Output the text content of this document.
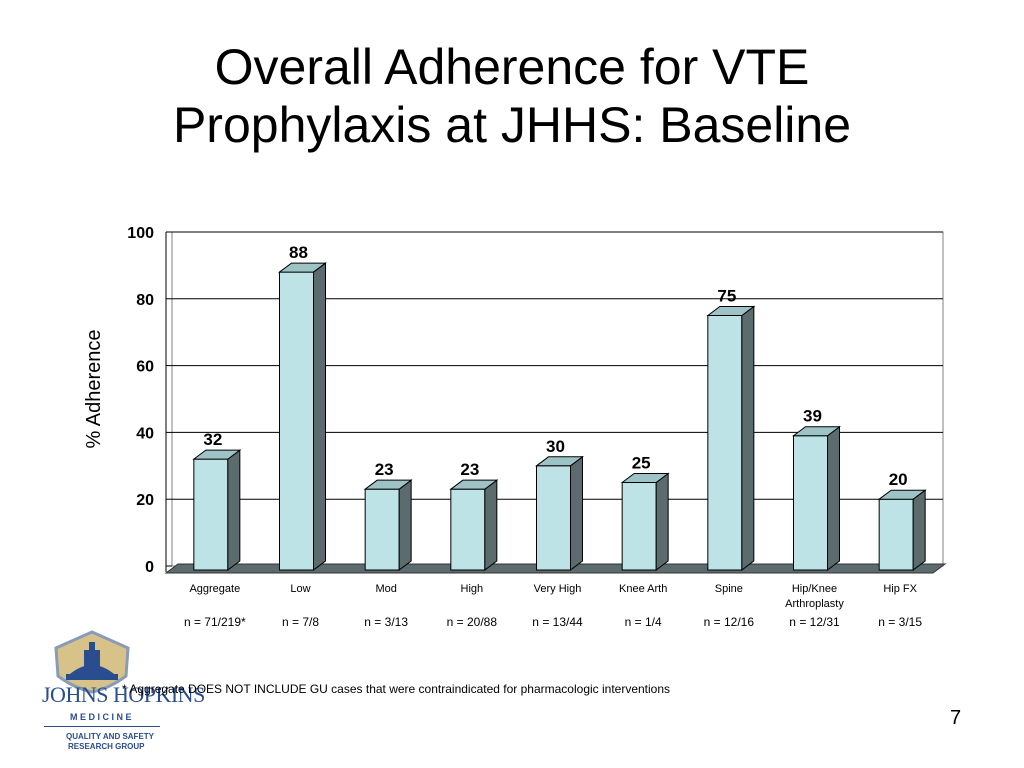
Overall Adherence for VTE
Prophylaxis at JHHS: Baseline
0
20
40
60
80
100
% Adherence	32
Aggregate
88
Low
23
Mod
23
High
30
Very High
25
Knee Arth
75
Spine
39
Hip/Knee Arthroplasty
20
Hip FX
n = 71/219*	n = 7/8	n = 3/13	n = 20/88	n = 13/44	n = 1/4	n = 12/16	n = 12/31	n = 3/15
JOHNS HOPKINS
M E D I C I N E
QUALITY AND SAFETY
RESEARCH GROUP
* Aggregate DOES NOT INCLUDE GU cases that were contraindicated for pharmacologic interventions
7
